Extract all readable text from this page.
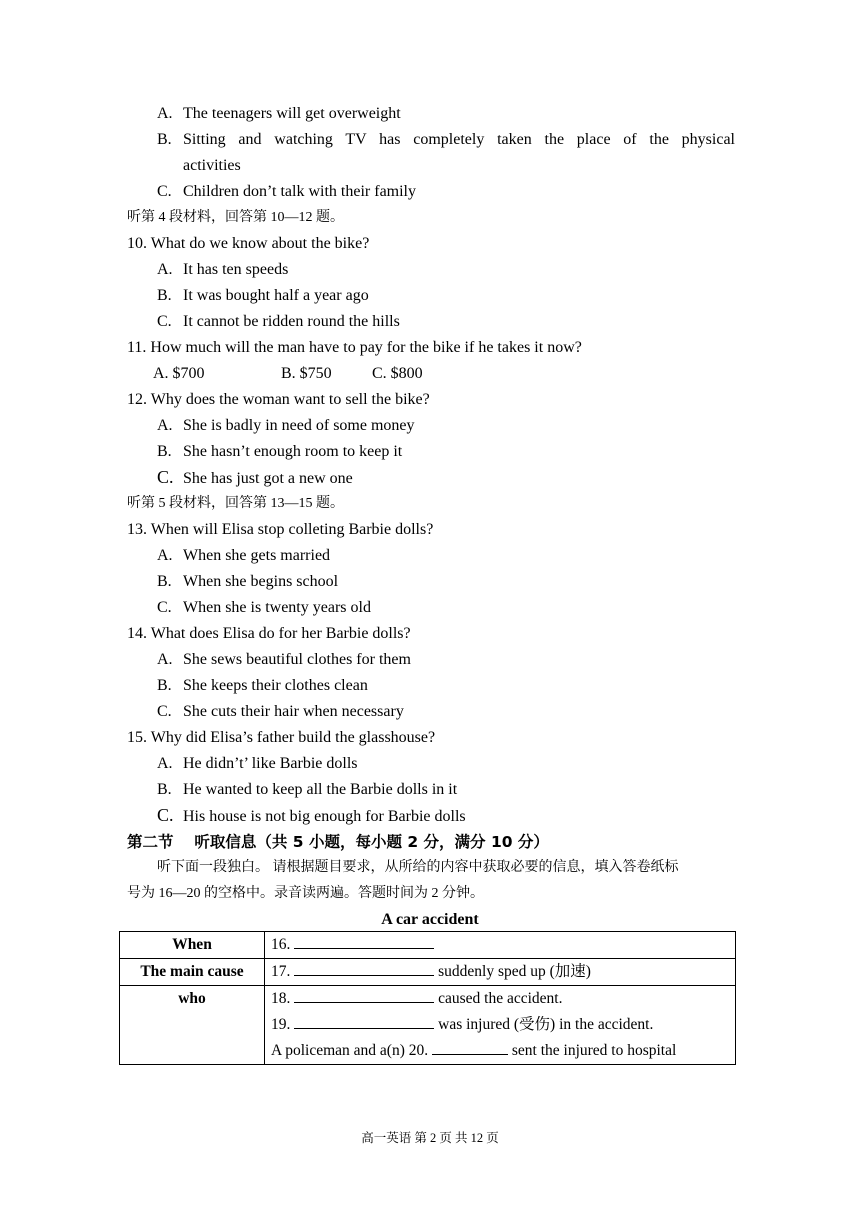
A. The teenagers will get overweight
B. Sitting and watching TV has completely taken the place of the physical
activities
C. Children don’t talk with their family
听第 4 段材料，回答第 10—12 题。
10. What do we know about the bike?
A. It has ten speeds
B. It was bought half a year ago
C. It cannot be ridden round the hills
11. How much will the man have to pay for the bike if he takes it now?
A. $700	B. $750	C. $800
12. Why does the woman want to sell the bike?
A. She is badly in need of some money
B. She hasn’t enough room to keep it
C. She has just got a new one
听第 5 段材料，回答第 13—15 题。
13. When will Elisa stop colleting Barbie dolls?
A. When she gets married
B. When she begins school
C. When she is twenty years old
14. What does Elisa do for her Barbie dolls?
A. She sews beautiful clothes for them
B. She keeps their clothes clean
C. She cuts their hair when necessary
15. Why did Elisa’s father build the glasshouse?
A. He didn’t’ like Barbie dolls
B. He wanted to keep all the Barbie dolls in it
C. His house is not big enough for Barbie dolls
第二节　 听取信息（共 5 小题，每小题 2 分，满分 10 分）
听下面一段独白。 请根据题目要求，从所给的内容中获取必要的信息，填入答卷纸标
号为 16—20 的空格中。录音读两遍。答题时间为 2 分钟。
A car accident
When	16.
The main cause	17. suddenly sped up (加速)
who	18. caused the accident.
19. was injured (受伤) in the accident.
A policeman and a(n) 20. sent the injured to hospital
高一英语 第 2 页 共 12 页
